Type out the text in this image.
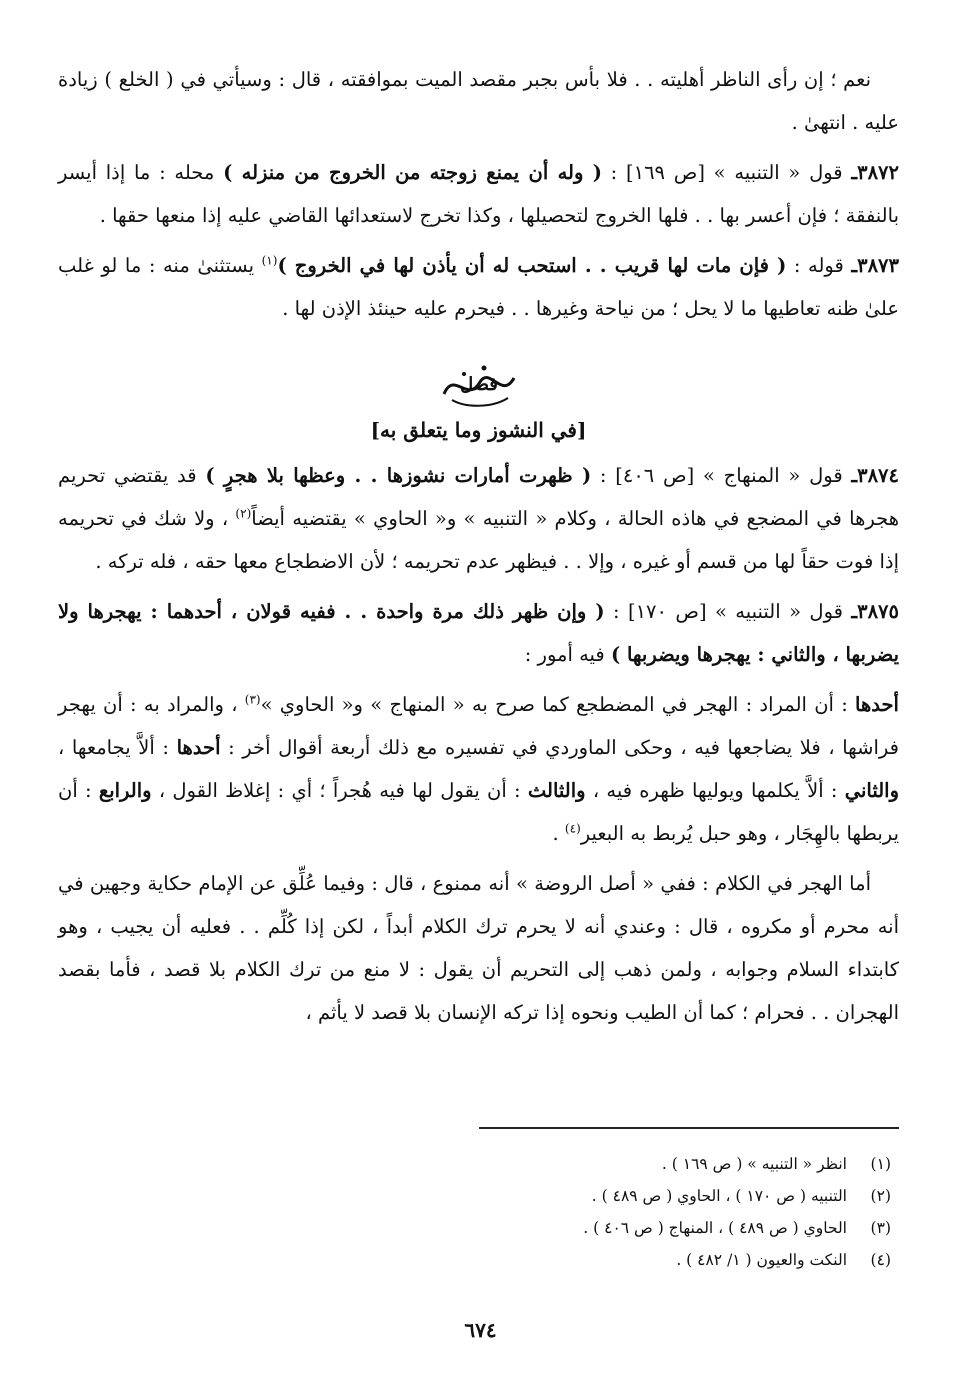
نعم ؛ إن رأى الناظر أهليته . . فلا بأس بجبر مقصد الميت بموافقته ، قال : وسيأتي في ( الخلع ) زيادة عليه . انتهىٰ .

٣٨٧٢ـ قول « التنبيه » [ص ١٦٩] : ( وله أن يمنع زوجته من الخروج من منزله ) محله : ما إذا أيسر بالنفقة ؛ فإن أعسر بها . . فلها الخروج لتحصيلها ، وكذا تخرج لاستعدائها القاضي عليه إذا منعها حقها .

٣٨٧٣ـ قوله : ( فإن مات لها قريب . . استحب له أن يأذن لها في الخروج )$^{(١)}$ يستثنىٰ منه : ما لو غلب علىٰ ظنه تعاطيها ما لا يحل ؛ من نياحة وغيرها . . فيحرم عليه حينئذ الإذن لها .

فصل
[في النشوز وما يتعلق به]

٣٨٧٤ـ قول « المنهاج » [ص ٤٠٦] : ( ظهرت أمارات نشوزها . . وعظها بلا هجرٍ ) قد يقتضي تحريم هجرها في المضجع في هاذه الحالة ، وكلام « التنبيه » و« الحاوي » يقتضيه أيضاً$^{(٢)}$ ، ولا شك في تحريمه إذا فوت حقاً لها من قسم أو غيره ، وإلا . . فيظهر عدم تحريمه ؛ لأن الاضطجاع معها حقه ، فله تركه .

٣٨٧٥ـ قول « التنبيه » [ص ١٧٠] : ( وإن ظهر ذلك مرة واحدة . . ففيه قولان ، أحدهما : يهجرها ولا يضربها ، والثاني : يهجرها ويضربها ) فيه أمور :

أحدها : أن المراد : الهجر في المضطجع كما صرح به « المنهاج » و« الحاوي »$^{(٣)}$ ، والمراد به : أن يهجر فراشها ، فلا يضاجعها فيه ، وحكى الماوردي في تفسيره مع ذلك أربعة أقوال أخر : أحدها : ألاَّ يجامعها ، والثاني : ألاَّ يكلمها ويوليها ظهره فيه ، والثالث : أن يقول لها فيه هُجراً ؛ أي : إغلاظ القول ، والرابع : أن يربطها بالهِجَار ، وهو حبل يُربط به البعير$^{(٤)}$ .

أما الهجر في الكلام : ففي « أصل الروضة » أنه ممنوع ، قال : وفيما عُلِّق عن الإمام حكاية وجهين في أنه محرم أو مكروه ، قال : وعندي أنه لا يحرم ترك الكلام أبداً ، لكن إذا كُلِّم . . فعليه أن يجيب ، وهو كابتداء السلام وجوابه ، ولمن ذهب إلى التحريم أن يقول : لا منع من ترك الكلام بلا قصد ، فأما بقصد الهجران . . فحرام ؛ كما أن الطيب ونحوه إذا تركه الإنسان بلا قصد لا يأثم ،

(١)
انظر « التنبيه » ( ص ١٦٩ ) .
(٢)
التنبيه ( ص ١٧٠ ) ، الحاوي ( ص ٤٨٩ ) .
(٣)
الحاوي ( ص ٤٨٩ ) ، المنهاج ( ص ٤٠٦ ) .
(٤)
النكت والعيون ( ١/ ٤٨٢ ) .
٦٧٤
